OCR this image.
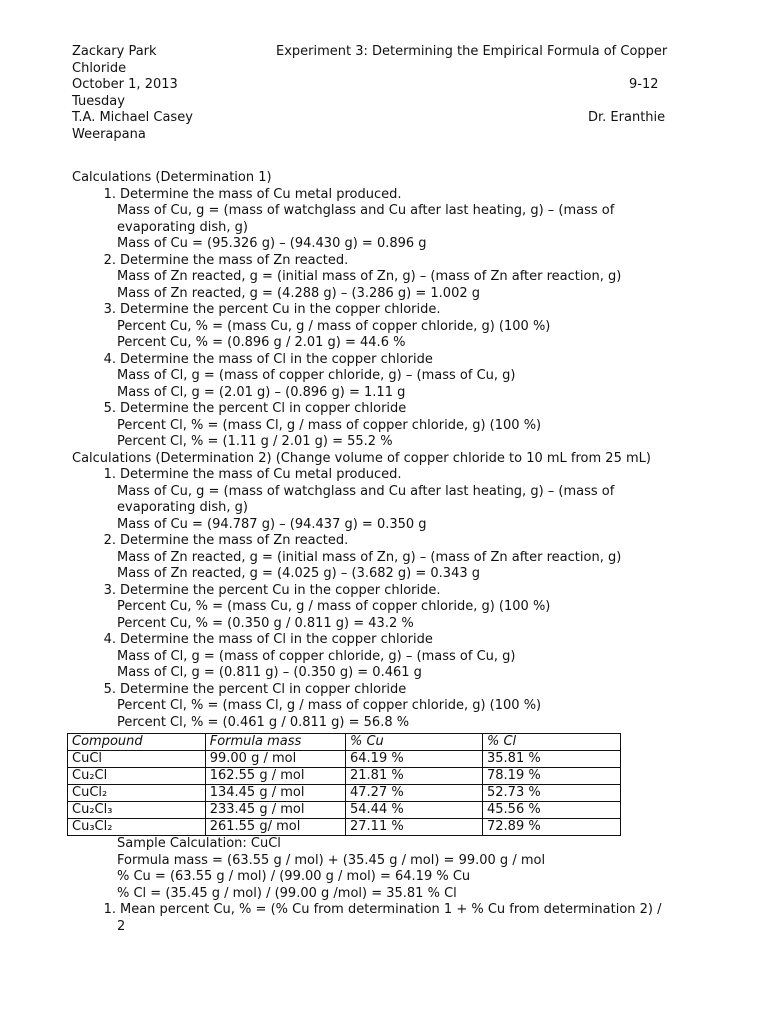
Zackary Park	Experiment 3: Determining the Empirical Formula of Copper
Chloride
October 1, 2013	9-12
Tuesday
T.A. Michael Casey	Dr. Eranthie
Weerapana
Calculations (Determination 1)
1. Determine the mass of Cu metal produced.
Mass of Cu, g = (mass of watchglass and Cu after last heating, g) – (mass of
evaporating dish, g)
Mass of Cu = (95.326 g) – (94.430 g) = 0.896 g
2. Determine the mass of Zn reacted.
Mass of Zn reacted, g = (initial mass of Zn, g) – (mass of Zn after reaction, g)
Mass of Zn reacted, g = (4.288 g) – (3.286 g) = 1.002 g
3. Determine the percent Cu in the copper chloride.
Percent Cu, % = (mass Cu, g / mass of copper chloride, g) (100 %)
Percent Cu, % = (0.896 g / 2.01 g) = 44.6 %
4. Determine the mass of Cl in the copper chloride
Mass of Cl, g = (mass of copper chloride, g) – (mass of Cu, g)
Mass of Cl, g = (2.01 g) – (0.896 g) = 1.11 g
5. Determine the percent Cl in copper chloride
Percent Cl, % = (mass Cl, g / mass of copper chloride, g) (100 %)
Percent Cl, % = (1.11 g / 2.01 g) = 55.2 %
Calculations (Determination 2) (Change volume of copper chloride to 10 mL from 25 mL)
1. Determine the mass of Cu metal produced.
Mass of Cu, g = (mass of watchglass and Cu after last heating, g) – (mass of
evaporating dish, g)
Mass of Cu = (94.787 g) – (94.437 g) = 0.350 g
2. Determine the mass of Zn reacted.
Mass of Zn reacted, g = (initial mass of Zn, g) – (mass of Zn after reaction, g)
Mass of Zn reacted, g = (4.025 g) – (3.682 g) = 0.343 g
3. Determine the percent Cu in the copper chloride.
Percent Cu, % = (mass Cu, g / mass of copper chloride, g) (100 %)
Percent Cu, % = (0.350 g / 0.811 g) = 43.2 %
4. Determine the mass of Cl in the copper chloride
Mass of Cl, g = (mass of copper chloride, g) – (mass of Cu, g)
Mass of Cl, g = (0.811 g) – (0.350 g) = 0.461 g
5. Determine the percent Cl in copper chloride
Percent Cl, % = (mass Cl, g / mass of copper chloride, g) (100 %)
Percent Cl, % = (0.461 g / 0.811 g) = 56.8 %
Compound	Formula mass	% Cu	% Cl
CuCl	99.00 g / mol	64.19 %	35.81 %
Cu₂Cl	162.55 g / mol	21.81 %	78.19 %
CuCl₂	134.45 g / mol	47.27 %	52.73 %
Cu₂Cl₃	233.45 g / mol	54.44 %	45.56 %
Cu₃Cl₂	261.55 g/ mol	27.11 %	72.89 %
Sample Calculation: CuCl
Formula mass = (63.55 g / mol) + (35.45 g / mol) = 99.00 g / mol
% Cu = (63.55 g / mol) / (99.00 g / mol) = 64.19 % Cu
% Cl = (35.45 g / mol) / (99.00 g /mol) = 35.81 % Cl
1. Mean percent Cu, % = (% Cu from determination 1 + % Cu from determination 2) /
2
